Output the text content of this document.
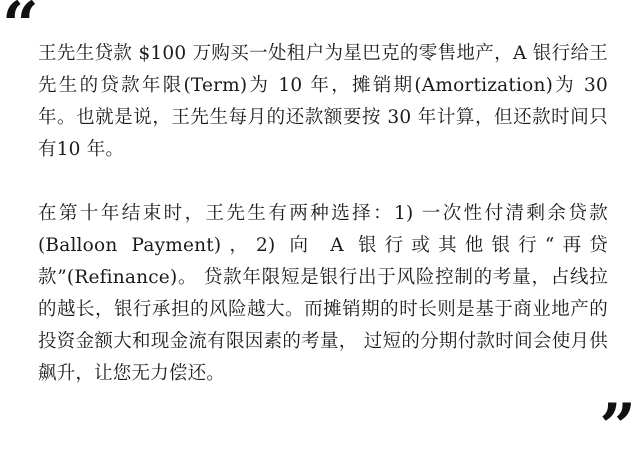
“ 王先生贷款 $100 万购买一处租户为星巴克的零售地产，A 银行给王先生的贷款年限(Term)为 10 年，摊销期(Amortization)为 30 年。也就是说，王先生每月的还款额要按 30 年计算，但还款时间只有10 年。

在第十年结束时，王先生有两种选择：1) 一次性付清剩余贷款 (Balloon Payment)，2) 向 A 银行或其他银行“再贷款”(Refinance)。 贷款年限短是银行出于风险控制的考量，占线拉的越长，银行承担的风险越大。而摊销期的时长则是基于商业地产的投资金额大和现金流有限因素的考量， 过短的分期付款时间会使月供飙升，让您无力偿还。

”
